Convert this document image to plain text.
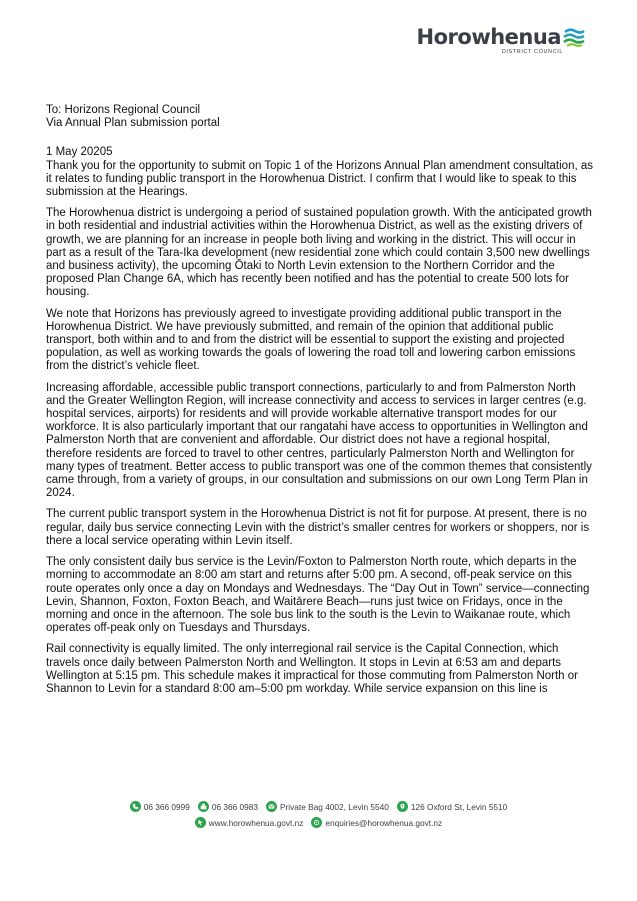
Horowhenua
DISTRICT COUNCIL

To: Horizons Regional Council

Via Annual Plan submission portal

1 May 20205

Thank you for the opportunity to submit on Topic 1 of the Horizons Annual Plan amendment consultation, as it relates to funding public transport in the Horowhenua District. I confirm that I would like to speak to this submission at the Hearings.

The Horowhenua district is undergoing a period of sustained population growth. With the anticipated growth in both residential and industrial activities within the Horowhenua District, as well as the existing drivers of growth, we are planning for an increase in people both living and working in the district. This will occur in part as a result of the Tara-Ika development (new residential zone which could contain 3,500 new dwellings and business activity), the upcoming Ōtaki to North Levin extension to the Northern Corridor and the proposed Plan Change 6A, which has recently been notified and has the potential to create 500 lots for housing.

We note that Horizons has previously agreed to investigate providing additional public transport in the Horowhenua District. We have previously submitted, and remain of the opinion that additional public transport, both within and to and from the district will be essential to support the existing and projected population, as well as working towards the goals of lowering the road toll and lowering carbon emissions from the district’s vehicle fleet.

Increasing affordable, accessible public transport connections, particularly to and from Palmerston North and the Greater Wellington Region, will increase connectivity and access to services in larger centres (e.g. hospital services, airports) for residents and will provide workable alternative transport modes for our workforce. It is also particularly important that our rangatahi have access to opportunities in Wellington and Palmerston North that are convenient and affordable. Our district does not have a regional hospital, therefore residents are forced to travel to other centres, particularly Palmerston North and Wellington for many types of treatment. Better access to public transport was one of the common themes that consistently came through, from a variety of groups, in our consultation and submissions on our own Long Term Plan in 2024.

The current public transport system in the Horowhenua District is not fit for purpose. At present, there is no regular, daily bus service connecting Levin with the district’s smaller centres for workers or shoppers, nor is there a local service operating within Levin itself.

The only consistent daily bus service is the Levin/Foxton to Palmerston North route, which departs in the morning to accommodate an 8:00 am start and returns after 5:00 pm. A second, off-peak service on this route operates only once a day on Mondays and Wednesdays. The “Day Out in Town” service—connecting Levin, Shannon, Foxton, Foxton Beach, and Waitārere Beach—runs just twice on Fridays, once in the morning and once in the afternoon. The sole bus link to the south is the Levin to Waikanae route, which operates off-peak only on Tuesdays and Thursdays.

Rail connectivity is equally limited. The only interregional rail service is the Capital Connection, which travels once daily between Palmerston North and Wellington. It stops in Levin at 6:53 am and departs Wellington at 5:15 pm. This schedule makes it impractical for those commuting from Palmerston North or Shannon to Levin for a standard 8:00 am–5:00 pm workday. While service expansion on this line is

06 366 0999	06 366 0983	Private Bag 4002, Levin 5540	126 Oxford St, Levin 5510
www.horowhenua.govt.nz	enquiries@horowhenua.govt.nz
